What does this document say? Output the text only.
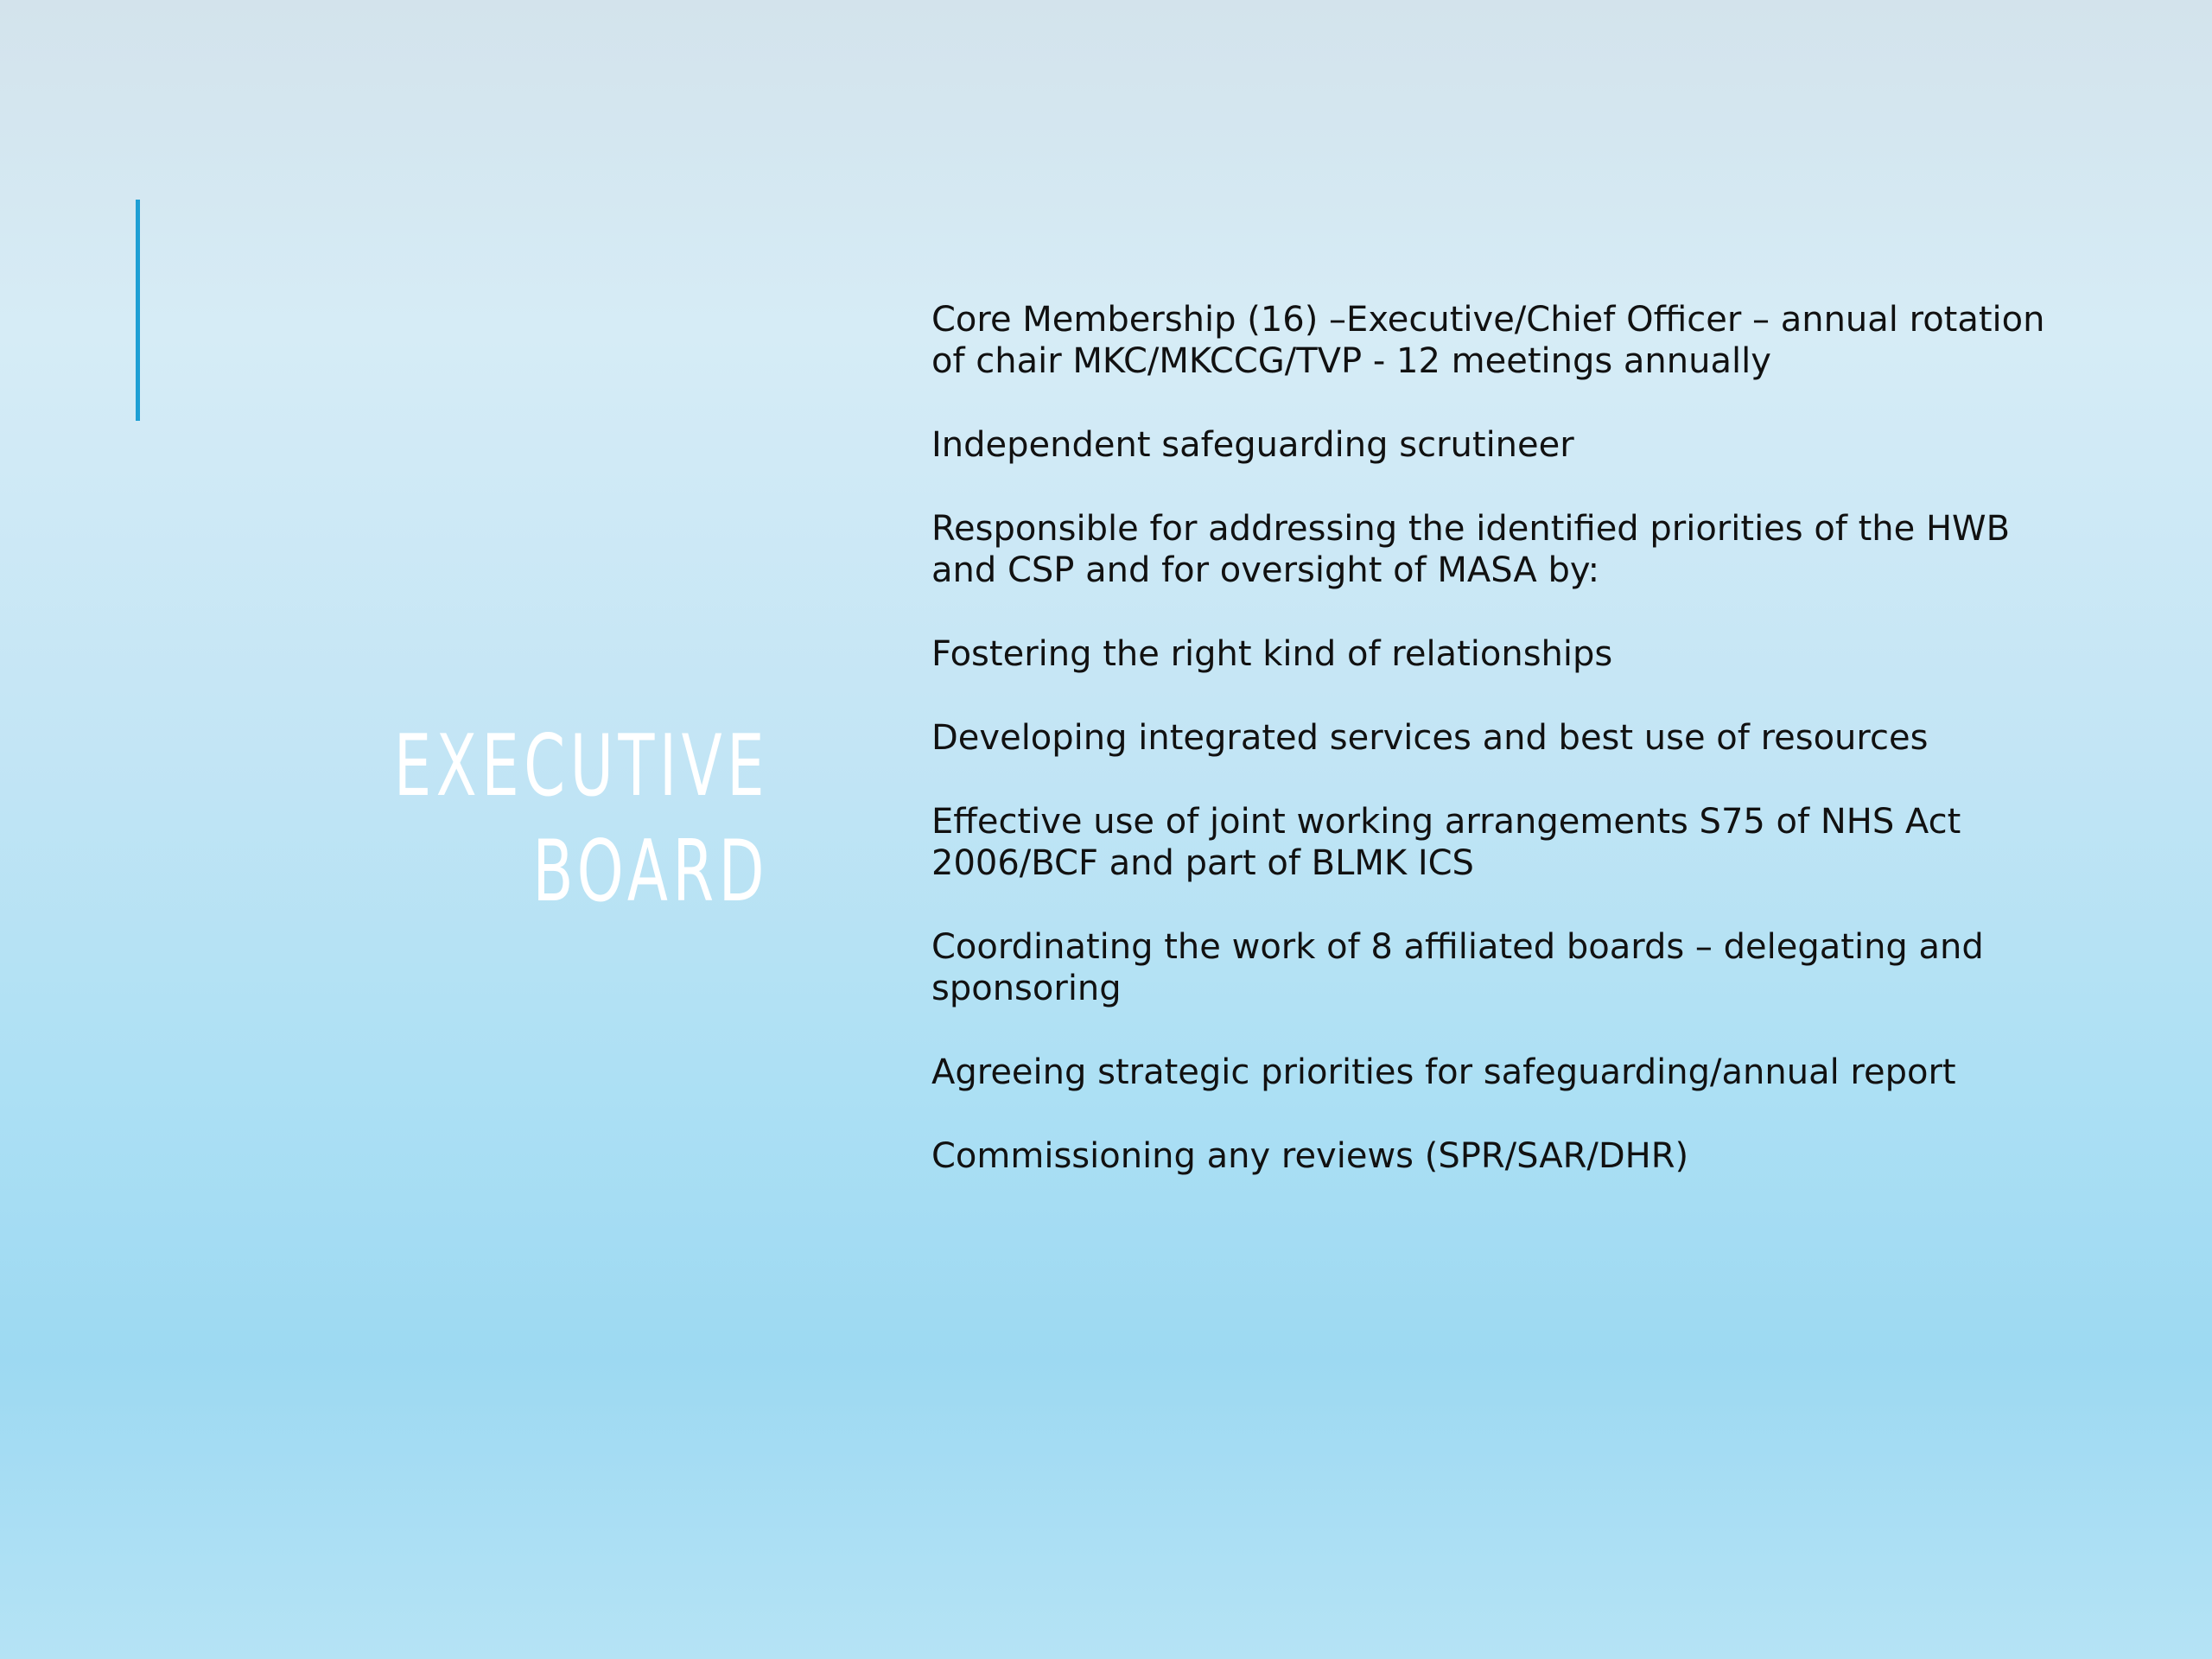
EXECUTIVE
BOARD

Core Membership (16) –Executive/Chief Officer – annual rotation of chair MKC/MKCCG/TVP - 12 meetings annually

Independent safeguarding scrutineer

Responsible for addressing the identified priorities of the HWB and CSP and for oversight of MASA by:

Fostering the right kind of relationships

Developing integrated services and best use of resources

Effective use of joint working arrangements S75 of NHS Act 2006/BCF and part of BLMK ICS

Coordinating the work of 8 affiliated boards – delegating and sponsoring

Agreeing strategic priorities for safeguarding/annual report

Commissioning any reviews (SPR/SAR/DHR)
